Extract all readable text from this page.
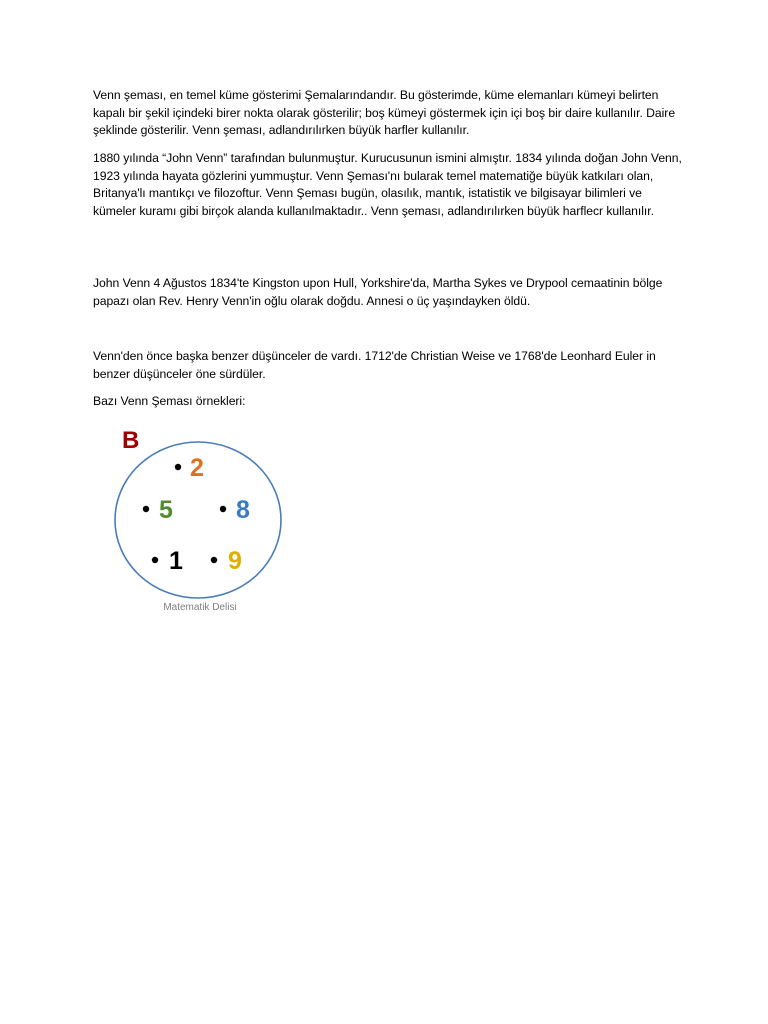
Venn şeması, en temel küme gösterimi Şemalarındandır. Bu gösterimde, küme elemanları kümeyi belirten kapalı bir şekil içindeki birer nokta olarak gösterilir; boş kümeyi göstermek için içi boş bir daire kullanılır. Daire şeklinde gösterilir. Venn şeması, adlandırılırken büyük harfler kullanılır.

1880 yılında “John Venn” tarafından bulunmuştur. Kurucusunun ismini almıştır. 1834 yılında doğan John Venn, 1923 yılında hayata gözlerini yummuştur. Venn Şeması'nı bularak temel matematiğe büyük katkıları olan, Britanya'lı mantıkçı ve filozoftur. Venn Şeması bugün, olasılık, mantık, istatistik ve bilgisayar bilimleri ve kümeler kuramı gibi birçok alanda kullanılmaktadır.. Venn şeması, adlandırılırken büyük harflecr kullanılır.

John Venn 4 Ağustos 1834'te Kingston upon Hull, Yorkshire'da, Martha Sykes ve Drypool cemaatinin bölge papazı olan Rev. Henry Venn'in oğlu olarak doğdu. Annesi o üç yaşındayken öldü.

Venn'den önce başka benzer düşünceler de vardı. 1712'de Christian Weise ve 1768'de Leonhard Euler in benzer düşünceler öne sürdüler.

Bazı Venn Şeması örnekleri:

B
2
5	8
1 9
Matematik Delisi
